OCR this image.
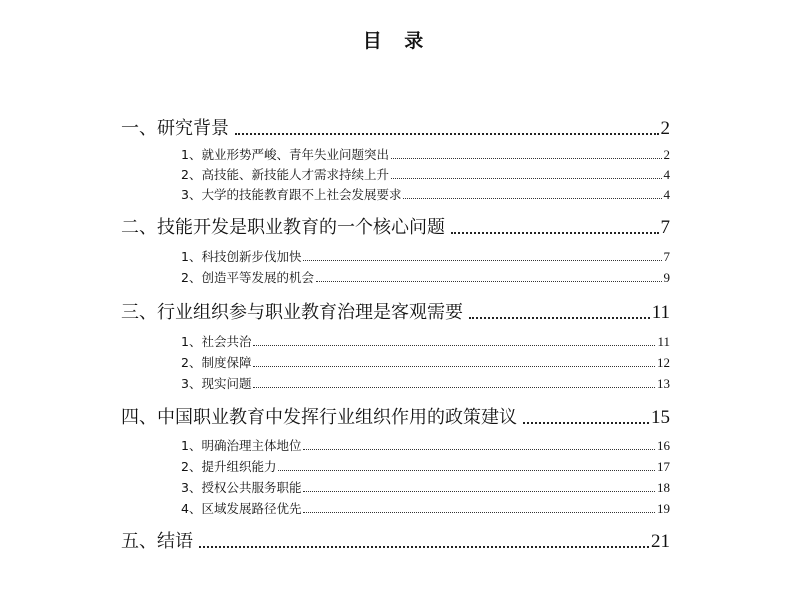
目 录
一、研究背景	2
1、就业形势严峻、青年失业问题突出	2
2、高技能、新技能人才需求持续上升	4
3、大学的技能教育跟不上社会发展要求	4
二、技能开发是职业教育的一个核心问题	7
1、科技创新步伐加快	7
2、创造平等发展的机会	9
三、行业组织参与职业教育治理是客观需要	11
1、社会共治	11
2、制度保障	12
3、现实问题	13
四、中国职业教育中发挥行业组织作用的政策建议	15
1、明确治理主体地位	16
2、提升组织能力	17
3、授权公共服务职能	18
4、区域发展路径优先	19
五、结语	21
